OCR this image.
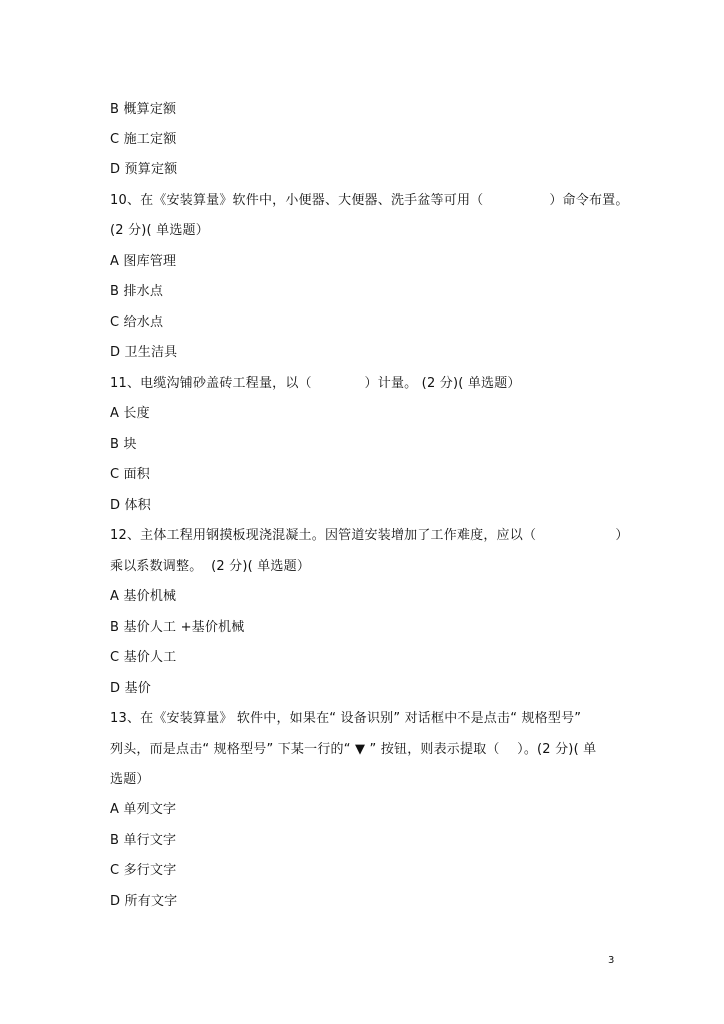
B 概算定额
C 施工定额
D 预算定额
10、在《安装算量》软件中，小便器、大便器、洗手盆等可用（　　　　　）命令布置。
(2 分)( 单选题）
A 图库管理
B 排水点
C 给水点
D 卫生洁具
11、电缆沟铺砂盖砖工程量，以（　　　　）计量。 (2 分)( 单选题）
A 长度
B 块
C 面积
D 体积
12、主体工程用钢摸板现浇混凝土。因管道安装增加了工作难度，应以（　　　　　　）
乘以系数调整。  (2 分)( 单选题）
A 基价机械
B 基价人工 +基价机械
C 基价人工
D 基价
13、在《安装算量》 软件中，如果在“ 设备识别” 对话框中不是点击“ 规格型号”
列头，而是点击“ 规格型号” 下某一行的“ ▼ ” 按钮，则表示提取（　 ）。(2 分)( 单
选题）
A 单列文字
B 单行文字
C 多行文字
D 所有文字
3
